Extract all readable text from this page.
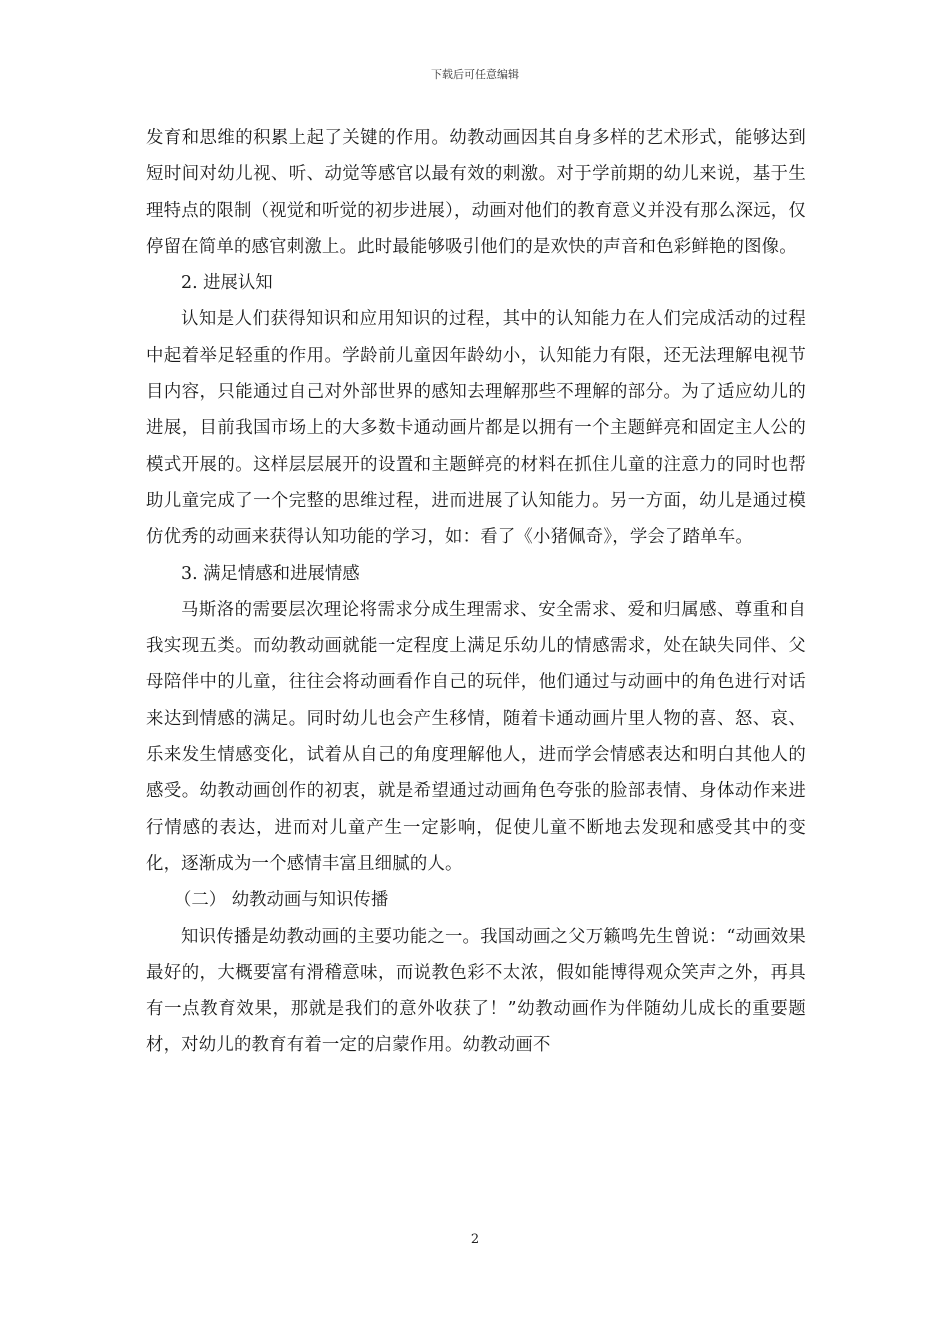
下载后可任意编辑

发育和思维的积累上起了关键的作用。幼教动画因其自身多样的艺术形式，能够达到短时间对幼儿视、听、动觉等感官以最有效的刺激。对于学前期的幼儿来说，基于生理特点的限制（视觉和听觉的初步进展），动画对他们的教育意义并没有那么深远，仅停留在简单的感官刺激上。此时最能够吸引他们的是欢快的声音和色彩鲜艳的图像。

2. 进展认知

认知是人们获得知识和应用知识的过程，其中的认知能力在人们完成活动的过程中起着举足轻重的作用。学龄前儿童因年龄幼小，认知能力有限，还无法理解电视节目内容，只能通过自己对外部世界的感知去理解那些不理解的部分。为了适应幼儿的进展，目前我国市场上的大多数卡通动画片都是以拥有一个主题鲜亮和固定主人公的模式开展的。这样层层展开的设置和主题鲜亮的材料在抓住儿童的注意力的同时也帮助儿童完成了一个完整的思维过程，进而进展了认知能力。另一方面，幼儿是通过模仿优秀的动画来获得认知功能的学习，如：看了《小猪佩奇》，学会了踏单车。

3. 满足情感和进展情感

马斯洛的需要层次理论将需求分成生理需求、安全需求、爱和归属感、尊重和自我实现五类。而幼教动画就能一定程度上满足乐幼儿的情感需求，处在缺失同伴、父母陪伴中的儿童，往往会将动画看作自己的玩伴，他们通过与动画中的角色进行对话来达到情感的满足。同时幼儿也会产生移情，随着卡通动画片里人物的喜、怒、哀、乐来发生情感变化，试着从自己的角度理解他人，进而学会情感表达和明白其他人的感受。幼教动画创作的初衷，就是希望通过动画角色夸张的脸部表情、身体动作来进行情感的表达，进而对儿童产生一定影响，促使儿童不断地去发现和感受其中的变化，逐渐成为一个感情丰富且细腻的人。

（二） 幼教动画与知识传播

知识传播是幼教动画的主要功能之一。我国动画之父万籁鸣先生曾说：“动画效果最好的，大概要富有滑稽意味，而说教色彩不太浓，假如能博得观众笑声之外，再具有一点教育效果，那就是我们的意外收获了！”幼教动画作为伴随幼儿成长的重要题材，对幼儿的教育有着一定的启蒙作用。幼教动画不

2
